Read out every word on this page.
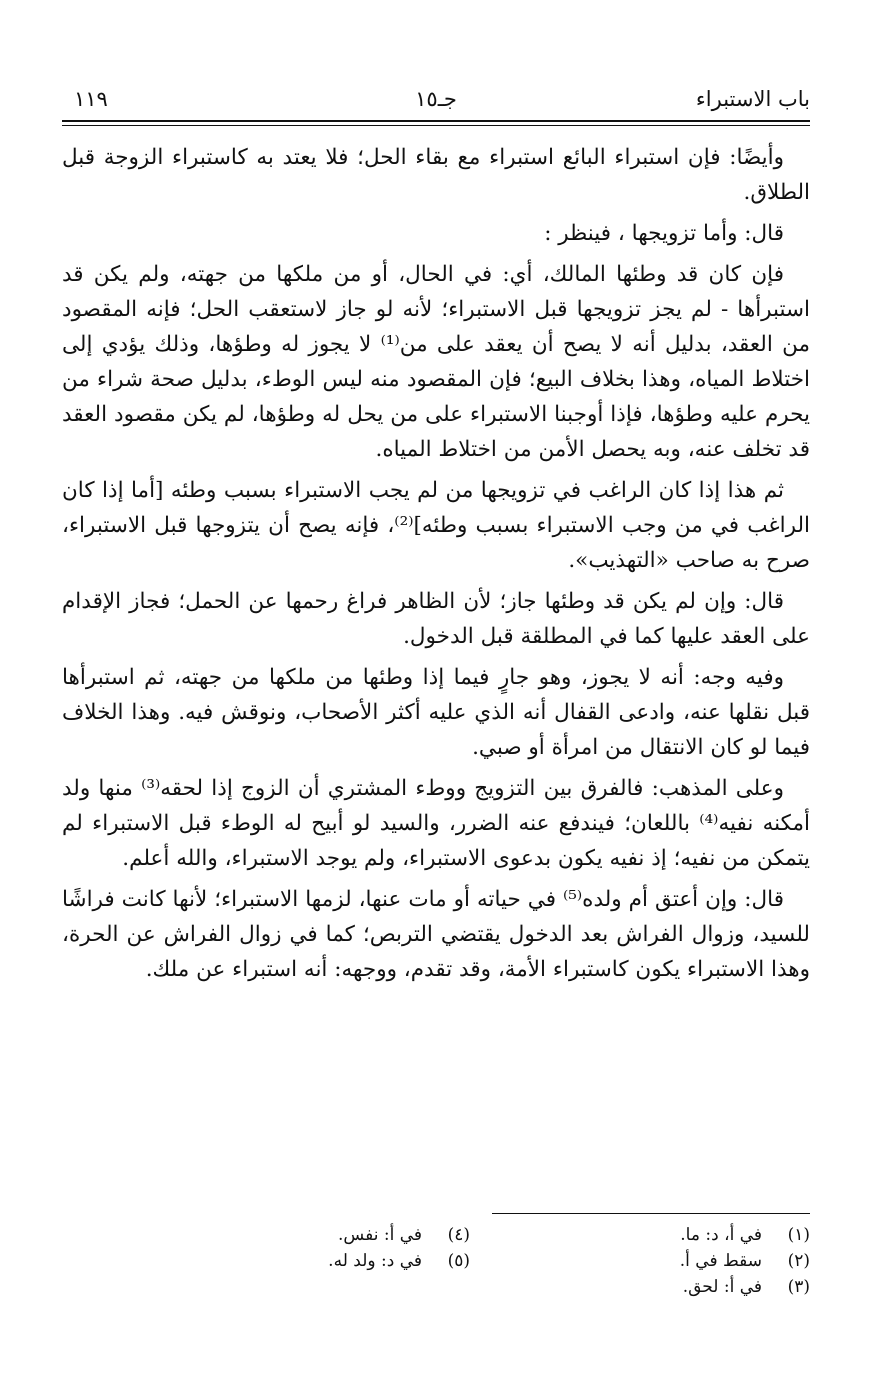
باب الاستبراء
جـ١٥
١١٩

وأيضًا: فإن استبراء البائع استبراء مع بقاء الحل؛ فلا يعتد به كاستبراء الزوجة قبل الطلاق.

قال: وأما تزويجها ، فينظر :

فإن كان قد وطئها المالك، أي: في الحال، أو من ملكها من جهته، ولم يكن قد استبرأها - لم يجز تزويجها قبل الاستبراء؛ لأنه لو جاز لاستعقب الحل؛ فإنه المقصود من العقد، بدليل أنه لا يصح أن يعقد على من⁽¹⁾ لا يجوز له وطؤها، وذلك يؤدي إلى اختلاط المياه، وهذا بخلاف البيع؛ فإن المقصود منه ليس الوطء، بدليل صحة شراء من يحرم عليه وطؤها، فإذا أوجبنا الاستبراء على من يحل له وطؤها، لم يكن مقصود العقد قد تخلف عنه، وبه يحصل الأمن من اختلاط المياه.

ثم هذا إذا كان الراغب في تزويجها من لم يجب الاستبراء بسبب وطئه [أما إذا كان الراغب في من وجب الاستبراء بسبب وطئه]⁽²⁾، فإنه يصح أن يتزوجها قبل الاستبراء، صرح به صاحب «التهذيب».

قال: وإن لم يكن قد وطئها جاز؛ لأن الظاهر فراغ رحمها عن الحمل؛ فجاز الإقدام على العقد عليها كما في المطلقة قبل الدخول.

وفيه وجه: أنه لا يجوز، وهو جارٍ فيما إذا وطئها من ملكها من جهته، ثم استبرأها قبل نقلها عنه، وادعى القفال أنه الذي عليه أكثر الأصحاب، ونوقش فيه. وهذا الخلاف فيما لو كان الانتقال من امرأة أو صبي.

وعلى المذهب: فالفرق بين التزويج ووطء المشتري أن الزوج إذا لحقه⁽³⁾ منها ولد أمكنه نفيه⁽⁴⁾ باللعان؛ فيندفع عنه الضرر، والسيد لو أبيح له الوطء قبل الاستبراء لم يتمكن من نفيه؛ إذ نفيه يكون بدعوى الاستبراء، ولم يوجد الاستبراء، والله أعلم.

قال: وإن أعتق أم ولده⁽⁵⁾ في حياته أو مات عنها، لزمها الاستبراء؛ لأنها كانت فراشًا للسيد، وزوال الفراش بعد الدخول يقتضي التربص؛ كما في زوال الفراش عن الحرة، وهذا الاستبراء يكون كاستبراء الأمة، وقد تقدم، ووجهه: أنه استبراء عن ملك.

(١)
في أ، د: ما.
(٢)
سقط في أ.
(٣)
في أ: لحق.
(٤)
في أ: نفس.
(٥)
في د: ولد له.
